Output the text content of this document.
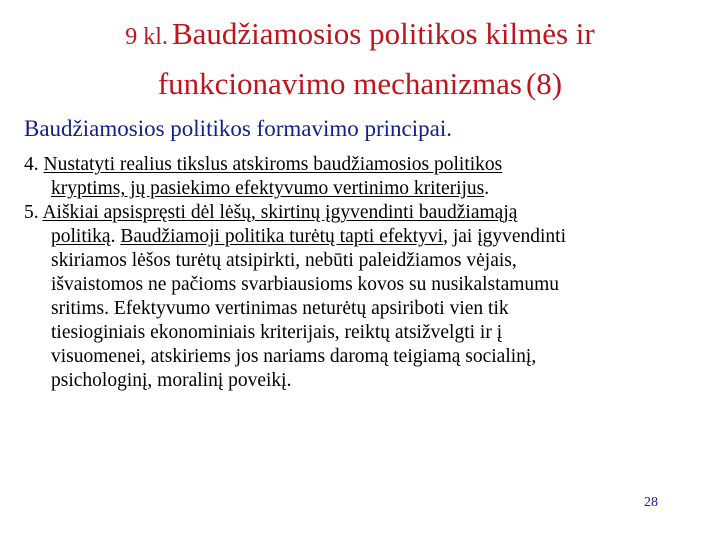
9 kl. Baudžiamosios politikos kilmės ir
funkcionavimo mechanizmas (8)
Baudžiamosios politikos formavimo principai.
4. Nustatyti realius tikslus atskiroms baudžiamosios politikos
kryptims, jų pasiekimo efektyvumo vertinimo kriterijus.
5. Aiškiai apsispręsti dėl lėšų, skirtinų įgyvendinti baudžiamąją
politiką. Baudžiamoji politika turėtų tapti efektyvi, jai įgyvendinti
skiriamos lėšos turėtų atsipirkti, nebūti paleidžiamos vėjais,
išvaistomos ne pačioms svarbiausioms kovos su nusikalstamumu
sritims. Efektyvumo vertinimas neturėtų apsiriboti vien tik
tiesioginiais ekonominiais kriterijais, reiktų atsižvelgti ir į
visuomenei, atskiriems jos nariams daromą teigiamą socialinį,
psichologinį, moralinį poveikį.
28
